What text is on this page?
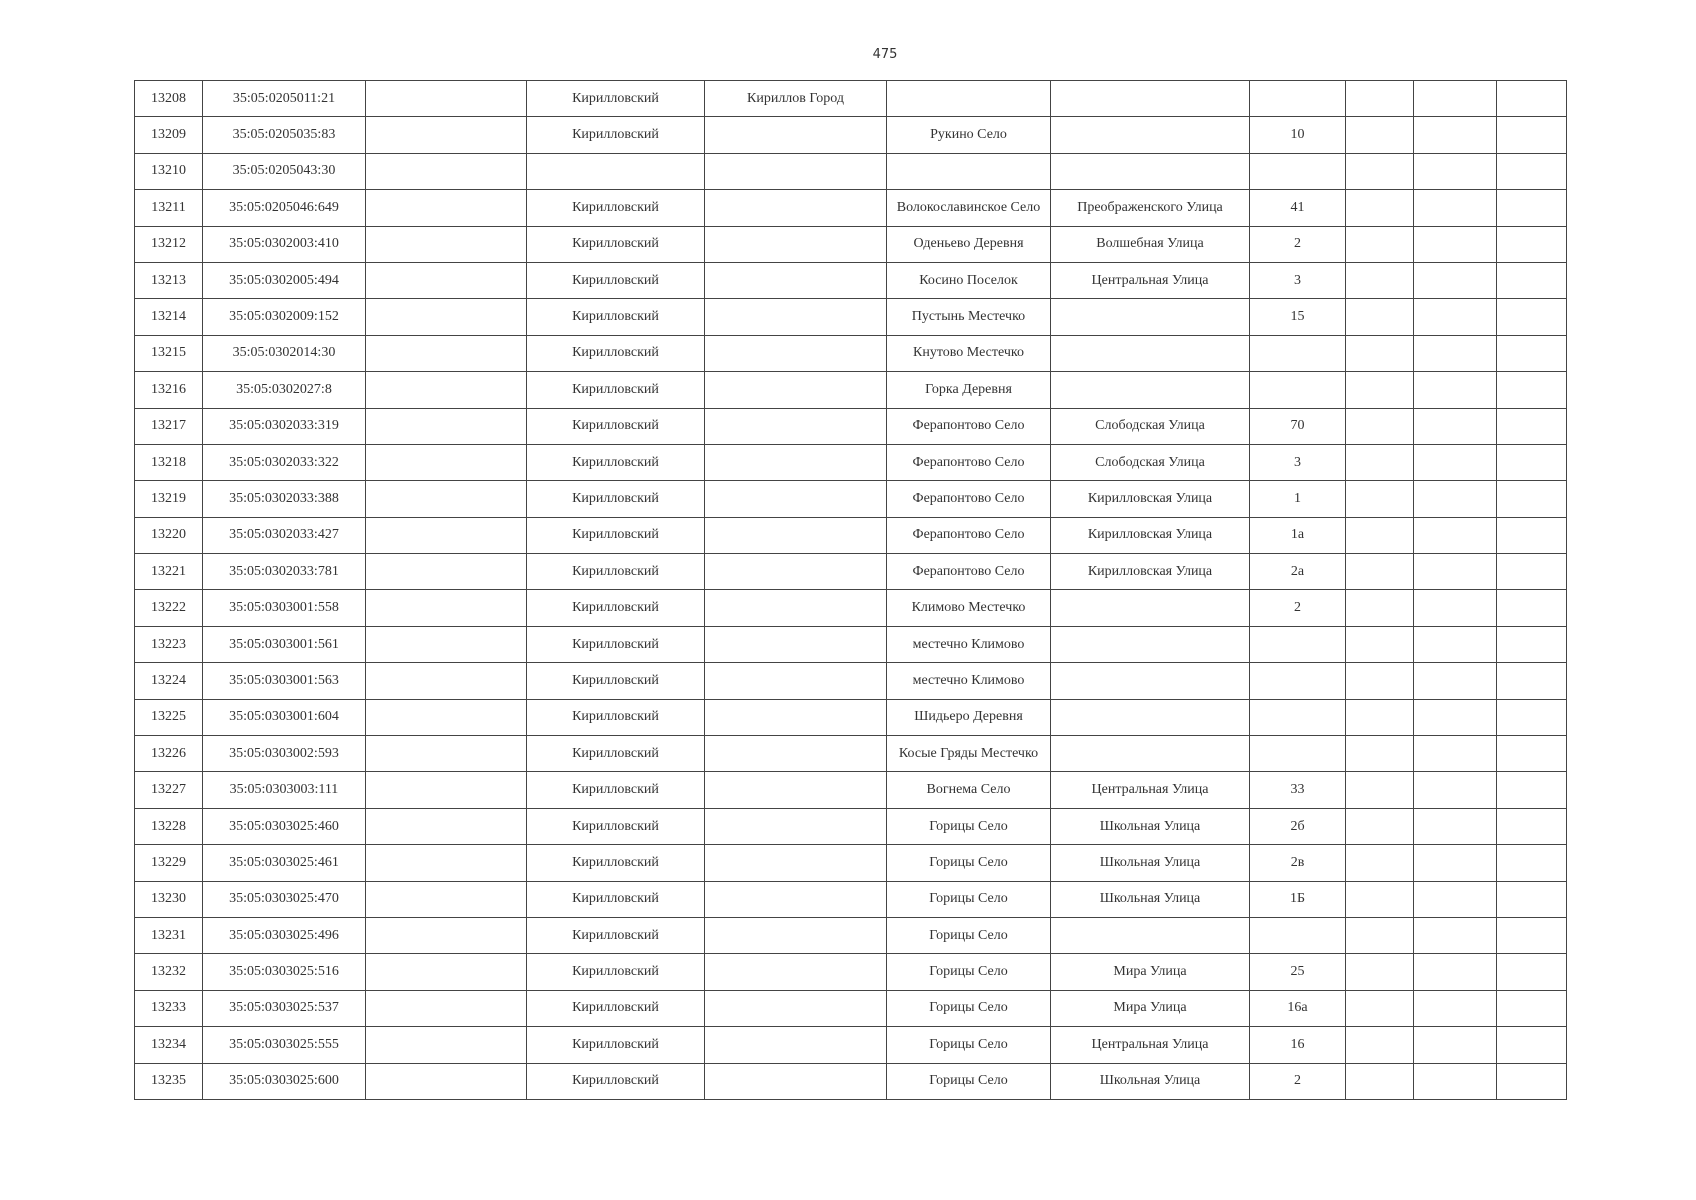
475
13208	35:05:0205011:21		Кирилловский	Кириллов Город						
13209	35:05:0205035:83		Кирилловский		Рукино Село		10			
13210	35:05:0205043:30									
13211	35:05:0205046:649		Кирилловский		Волокославинское Село	Преображенского Улица	41			
13212	35:05:0302003:410		Кирилловский		Оденьево Деревня	Волшебная Улица	2			
13213	35:05:0302005:494		Кирилловский		Косино Поселок	Центральная Улица	3			
13214	35:05:0302009:152		Кирилловский		Пустынь Местечко		15			
13215	35:05:0302014:30		Кирилловский		Кнутово Местечко					
13216	35:05:0302027:8		Кирилловский		Горка Деревня					
13217	35:05:0302033:319		Кирилловский		Ферапонтово Село	Слободская Улица	70			
13218	35:05:0302033:322		Кирилловский		Ферапонтово Село	Слободская Улица	3			
13219	35:05:0302033:388		Кирилловский		Ферапонтово Село	Кирилловская Улица	1			
13220	35:05:0302033:427		Кирилловский		Ферапонтово Село	Кирилловская Улица	1а			
13221	35:05:0302033:781		Кирилловский		Ферапонтово Село	Кирилловская Улица	2а			
13222	35:05:0303001:558		Кирилловский		Климово Местечко		2			
13223	35:05:0303001:561		Кирилловский		местечно Климово					
13224	35:05:0303001:563		Кирилловский		местечно Климово					
13225	35:05:0303001:604		Кирилловский		Шидьеро Деревня					
13226	35:05:0303002:593		Кирилловский		Косые Гряды Местечко					
13227	35:05:0303003:111		Кирилловский		Вогнема Село	Центральная Улица	33			
13228	35:05:0303025:460		Кирилловский		Горицы Село	Школьная Улица	2б			
13229	35:05:0303025:461		Кирилловский		Горицы Село	Школьная Улица	2в			
13230	35:05:0303025:470		Кирилловский		Горицы Село	Школьная Улица	1Б			
13231	35:05:0303025:496		Кирилловский		Горицы Село					
13232	35:05:0303025:516		Кирилловский		Горицы Село	Мира Улица	25			
13233	35:05:0303025:537		Кирилловский		Горицы Село	Мира Улица	16а			
13234	35:05:0303025:555		Кирилловский		Горицы Село	Центральная Улица	16			
13235	35:05:0303025:600		Кирилловский		Горицы Село	Школьная Улица	2			
